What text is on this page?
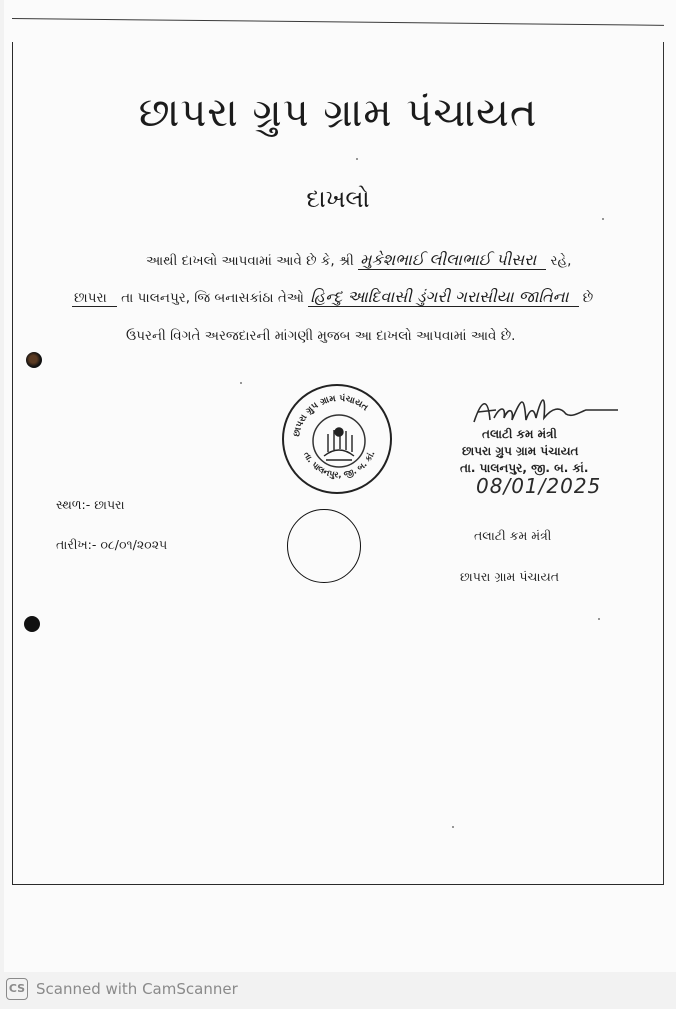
છાપરા ગ્રુપ ગ્રામ પંચાયત
દાખલો
આથી દાખલો આપવામાં આવે છે કે, શ્રી મુકેશભાઈ લીલાભાઈ પીસરા રહે,
છાપરા તા પાલનપુર, જિ બનાસકાંઠા તેઓ હિન્દુ આદિવાસી ડુંગરી ગરાસીયા જાતિના છે
ઉપરની વિગતે અરજદારની માંગણી મુજબ આ દાખલો આપવામાં આવે છે.
છાપરા ગ્રુપ ગ્રામ પંચાયત
તા. પાલનપુર, જી. બ. કાં.
તલાટી કમ મંત્રી
છાપરા ગ્રુપ ગ્રામ પંચાયત
તા. પાલનપુર, જી. બ. કાં.
08/01/2025
સ્થળ:- છાપરા
તારીખ:- ૦૮/૦૧/૨૦૨૫
તલાટી કમ મંત્રી
છાપરા ગ્રામ પંચાયત
CS Scanned with CamScanner
